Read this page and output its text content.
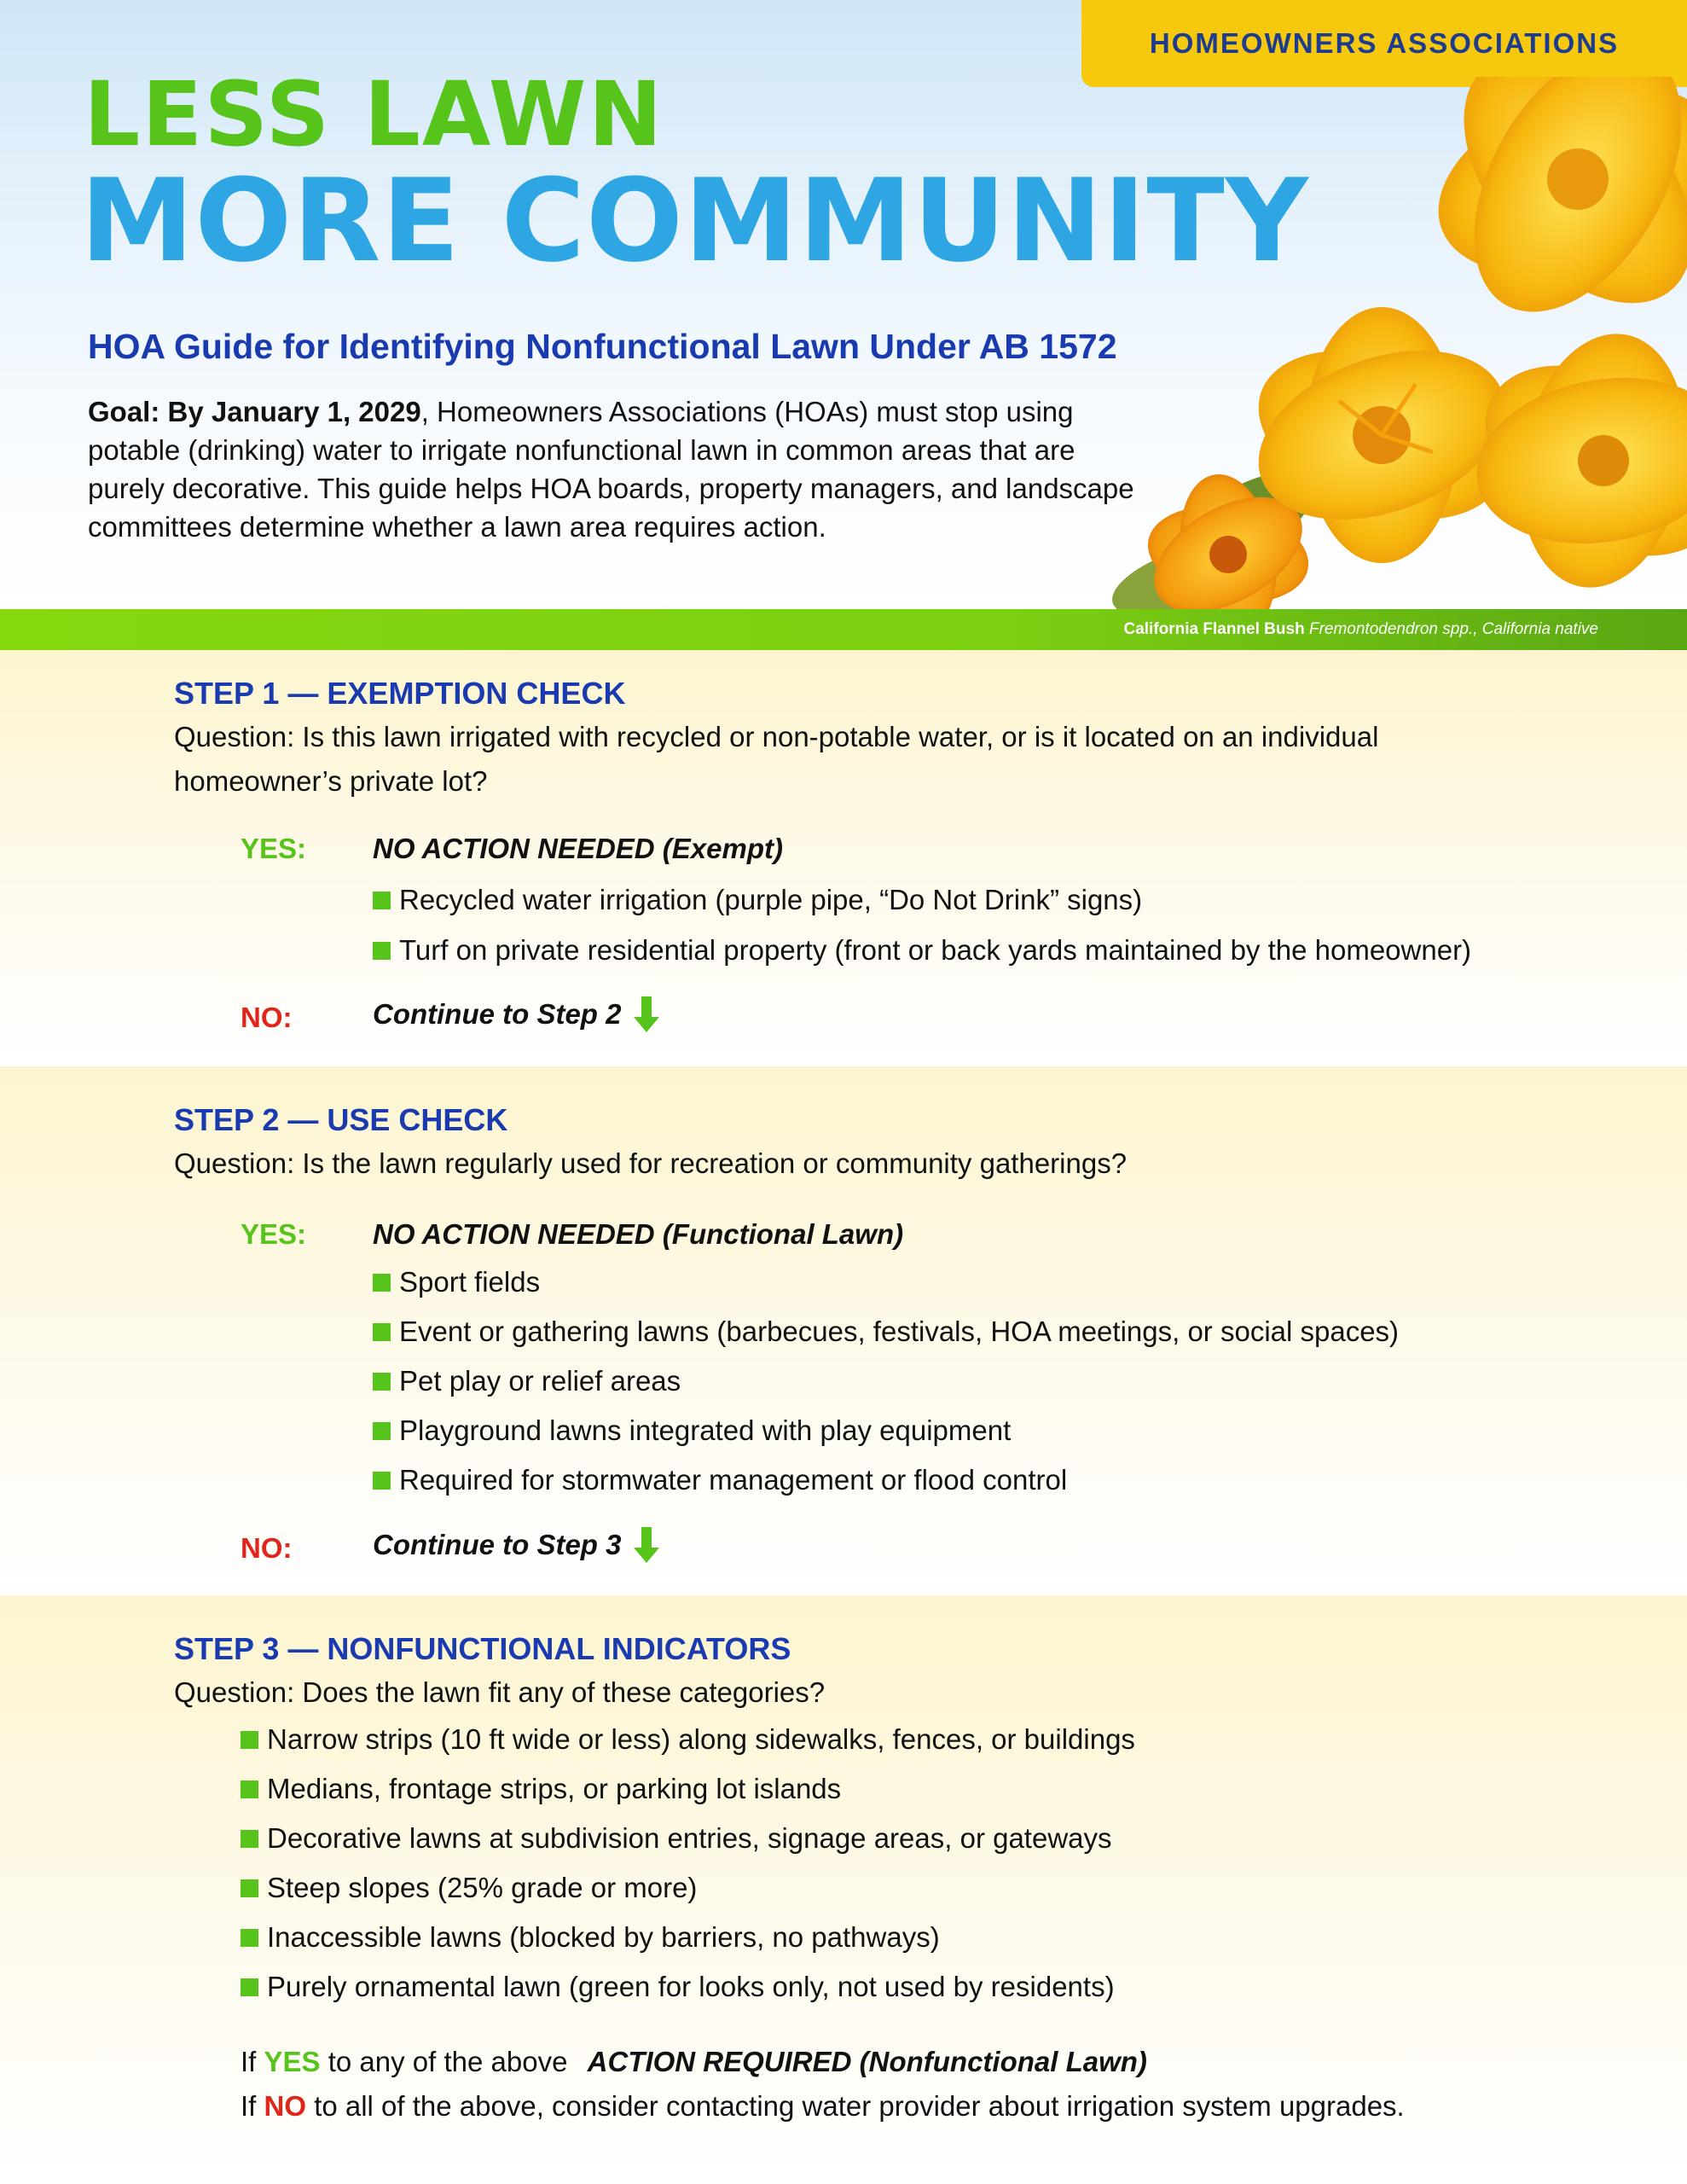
HOMEOWNERS ASSOCIATIONS
LESS LAWN
MORE COMMUNITY
HOA Guide for Identifying Nonfunctional Lawn Under AB 1572
Goal: By January 1, 2029, Homeowners Associations (HOAs) must stop using potable (drinking) water to irrigate nonfunctional lawn in common areas that are purely decorative. This guide helps HOA boards, property managers, and landscape committees determine whether a lawn area requires action.
California Flannel Bush Fremontodendron spp., California native
STEP 1 — EXEMPTION CHECK
Question: Is this lawn irrigated with recycled or non-potable water, or is it located on an individual homeowner’s private lot?
YES: NO ACTION NEEDED (Exempt)
Recycled water irrigation (purple pipe, “Do Not Drink” signs)
Turf on private residential property (front or back yards maintained by the homeowner)
NO:	Continue to Step 2
STEP 2 — USE CHECK
Question: Is the lawn regularly used for recreation or community gatherings?
YES: NO ACTION NEEDED (Functional Lawn)
Sport fields
Event or gathering lawns (barbecues, festivals, HOA meetings, or social spaces)
Pet play or relief areas
Playground lawns integrated with play equipment
Required for stormwater management or flood control
NO:	Continue to Step 3
STEP 3 — NONFUNCTIONAL INDICATORS
Question: Does the lawn fit any of these categories?
Narrow strips (10 ft wide or less) along sidewalks, fences, or buildings
Medians, frontage strips, or parking lot islands
Decorative lawns at subdivision entries, signage areas, or gateways
Steep slopes (25% grade or more)
Inaccessible lawns (blocked by barriers, no pathways)
Purely ornamental lawn (green for looks only, not used by residents)
If YES to any of the above ACTION REQUIRED (Nonfunctional Lawn)
If NO to all of the above, consider contacting water provider about irrigation system upgrades.
